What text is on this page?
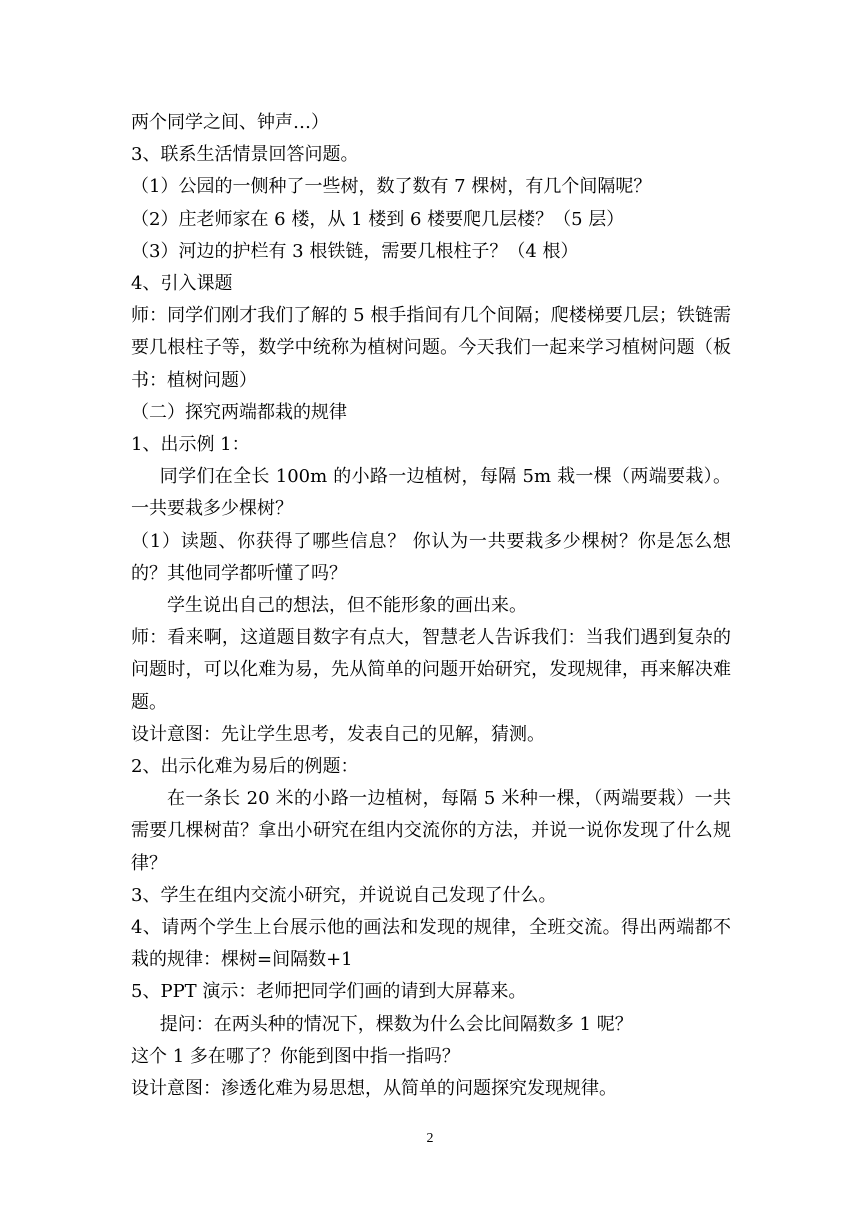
两个同学之间、钟声…）

3、联系生活情景回答问题。

（1）公园的一侧种了一些树，数了数有 7 棵树，有几个间隔呢？

（2）庄老师家在 6 楼，从 1 楼到 6 楼要爬几层楼？（5 层）

（3）河边的护栏有 3 根铁链，需要几根柱子？（4 根）

4、引入课题

师：同学们刚才我们了解的 5 根手指间有几个间隔；爬楼梯要几层；铁链需要几根柱子等，数学中统称为植树问题。今天我们一起来学习植树问题（板书：植树问题）

（二）探究两端都栽的规律

1、出示例 1：

同学们在全长 100m 的小路一边植树，每隔 5m 栽一棵（两端要栽）。一共要栽多少棵树？

（1）读题、你获得了哪些信息？ 你认为一共要栽多少棵树？你是怎么想的？其他同学都听懂了吗？

学生说出自己的想法，但不能形象的画出来。

师：看来啊，这道题目数字有点大，智慧老人告诉我们：当我们遇到复杂的问题时，可以化难为易，先从简单的问题开始研究，发现规律，再来解决难题。

设计意图：先让学生思考，发表自己的见解，猜测。

2、出示化难为易后的例题：

在一条长 20 米的小路一边植树，每隔 5 米种一棵，（两端要栽）一共需要几棵树苗？拿出小研究在组内交流你的方法，并说一说你发现了什么规律？

3、学生在组内交流小研究，并说说自己发现了什么。

4、请两个学生上台展示他的画法和发现的规律，全班交流。得出两端都不栽的规律：棵树=间隔数+1

5、PPT 演示：老师把同学们画的请到大屏幕来。

提问：在两头种的情况下，棵数为什么会比间隔数多 1 呢？

这个 1 多在哪了？你能到图中指一指吗？

设计意图：渗透化难为易思想，从简单的问题探究发现规律。

2
